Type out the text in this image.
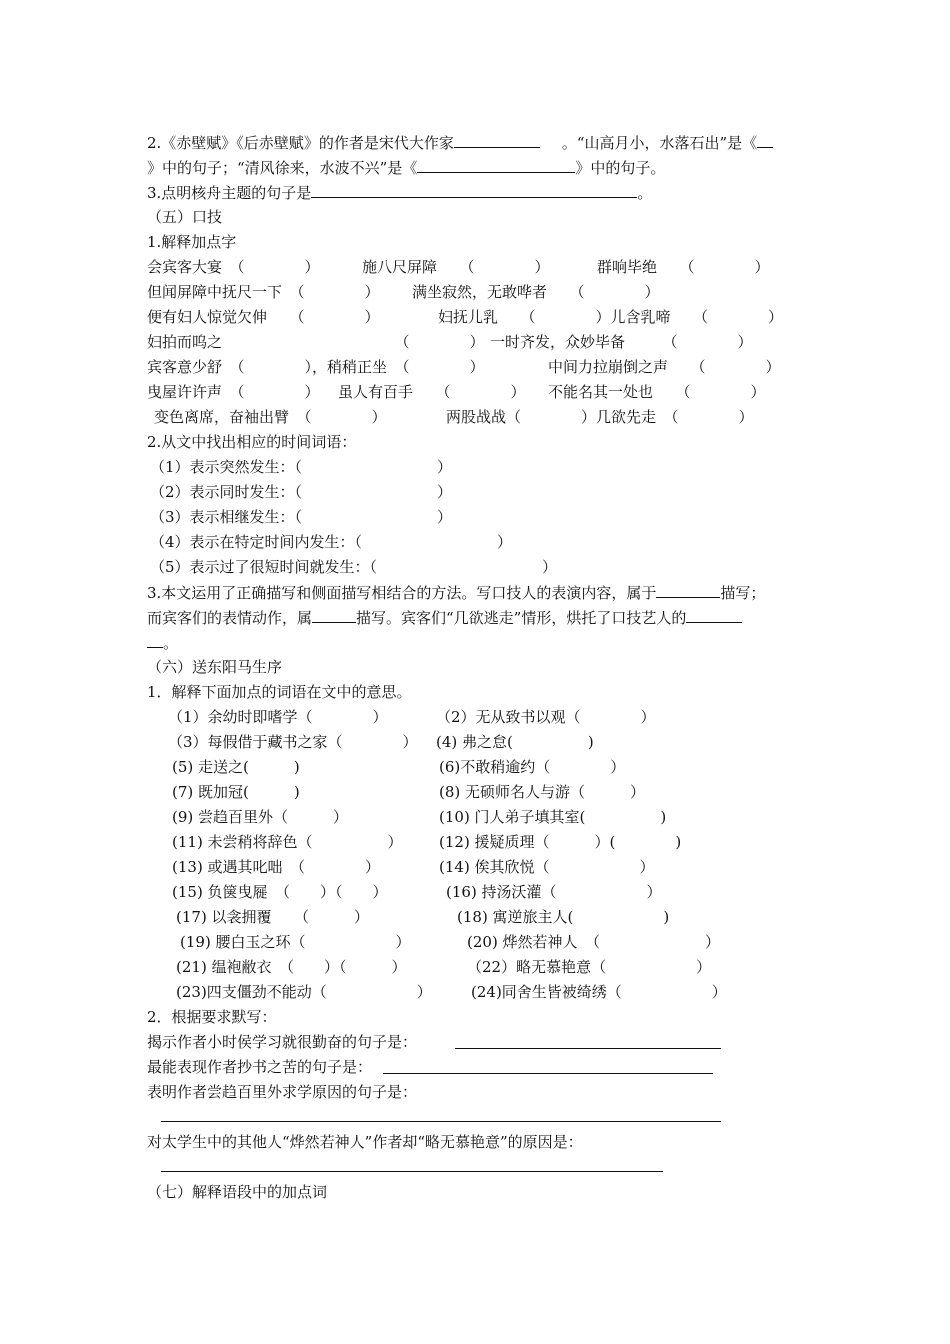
2.《赤壁赋》《后赤壁赋》的作者是宋代大作家	。“山高月小，水落石出”是《
》中的句子；“清风徐来，水波不兴”是《	》中的句子。
3.点明核舟主题的句子是	。
（五）口技
1.解释加点字
会宾客大宴　（　　　　）	施八尺屏障　　（　　　　）	群响毕绝　　（　　　　）
但闻屏障中抚尺一下　（　　　　） 满坐寂然，无敢哗者　　（　　　　）
便有妇人惊觉欠伸　　（　　　　）	妇抚儿乳　　（　　　　）儿含乳啼　　（　　　　）
妇拍而呜之　　　　　　　　　　　　（　　　　） 一时齐发，众妙毕备　　　（　　　　）
宾客意少舒　（　　　　），稍稍正坐　（　　　　）	中间力拉崩倒之声　　（　　　　）
曳屋许许声　（　　　　） 虽人有百手　　（　　　　） 不能名其一处也　　（　　　　）
变色离席，奋袖出臂　（　　　　）	两股战战（　　　　）几欲先走　（　　　　）
2.从文中找出相应的时间词语：
（1）表示突然发生：（　　　　　　　　　）
（2）表示同时发生：（　　　　　　　　　）
（3）表示相继发生：（　　　　　　　　　）
（4）表示在特定时间内发生：（　　　　　　　　　）
（5）表示过了很短时间就发生：（　　　　　　　　　　　）
3.本文运用了正确描写和侧面描写相结合的方法。写口技人的表演内容，属于	描写；
而宾客们的表情动作，属	描写。宾客们“几欲逃走”情形，烘托了口技艺人的
。
（六）送东阳马生序
1．解释下面加点的词语在文中的意思。
（1）余幼时即嗜学（　　　　）	（2）无从致书以观（　　　　）
（3）每假借于藏书之家（　　　　） (4) 弗之怠(　　　　　)
(5) 走送之(　　　)	(6)不敢稍逾约（　　　　）
(7) 既加冠(　　　)	(8) 无硕师名人与游（　　　）
(9) 尝趋百里外（　　　）	(10) 门人弟子填其室(　　　　　)
(11) 未尝稍将辞色（　　　　　） (12) 援疑质理（　　　）(　　　　)
(13) 或遇其叱咄　（　　　　）	(14) 俟其欣悦（　　　　　　）
(15) 负箧曳屣　（　　）（　　）	(16) 持汤沃灌（　　　　　　）
(17) 以衾拥覆　　（　　　）	(18) 寓逆旅主人(　　　　　　)
(19) 腰白玉之环（　　　　　　）	(20) 烨然若神人　（　　　　　　　）
(21) 缊袍敝衣　（　　）（　　　）	（22）略无慕艳意（　　　　　　）
(23)四支僵劲不能动（　　　　　　）	(24)同舍生皆被绮绣（　　　　　　）
2．根据要求默写：
揭示作者小时侯学习就很勤奋的句子是：
最能表现作者抄书之苦的句子是：
表明作者尝趋百里外求学原因的句子是：
对太学生中的其他人“烨然若神人”作者却“略无慕艳意”的原因是：
（七）解释语段中的加点词
